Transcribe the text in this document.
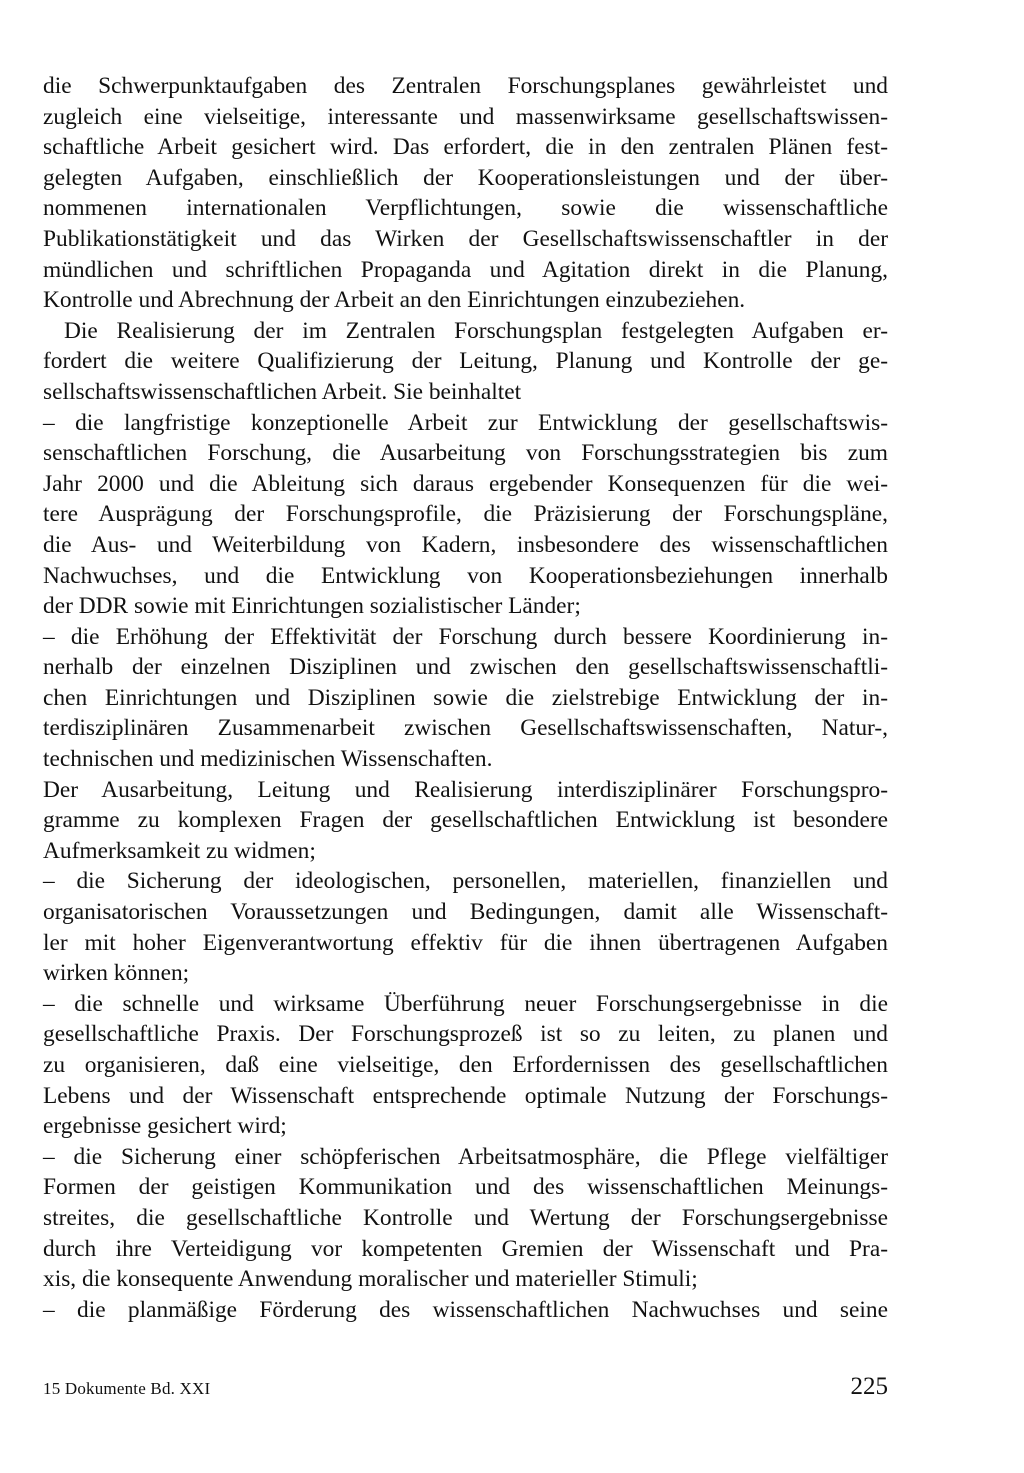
die Schwerpunktaufgaben des Zentralen Forschungsplanes gewährleistet und
zugleich eine vielseitige, interessante und massenwirksame gesellschaftswissen-
schaftliche Arbeit gesichert wird. Das erfordert, die in den zentralen Plänen fest-
gelegten Aufgaben, einschließlich der Kooperationsleistungen und der über-
nommenen internationalen Verpflichtungen, sowie die wissenschaftliche
Publikationstätigkeit und das Wirken der Gesellschaftswissenschaftler in der
mündlichen und schriftlichen Propaganda und Agitation direkt in die Planung,
Kontrolle und Abrechnung der Arbeit an den Einrichtungen einzubeziehen.
Die Realisierung der im Zentralen Forschungsplan festgelegten Aufgaben er-
fordert die weitere Qualifizierung der Leitung, Planung und Kontrolle der ge-
sellschaftswissenschaftlichen Arbeit. Sie beinhaltet
– die langfristige konzeptionelle Arbeit zur Entwicklung der gesellschaftswis-
senschaftlichen Forschung, die Ausarbeitung von Forschungsstrategien bis zum
Jahr 2000 und die Ableitung sich daraus ergebender Konsequenzen für die wei-
tere Ausprägung der Forschungsprofile, die Präzisierung der Forschungspläne,
die Aus- und Weiterbildung von Kadern, insbesondere des wissenschaftlichen
Nachwuchses, und die Entwicklung von Kooperationsbeziehungen innerhalb
der DDR sowie mit Einrichtungen sozialistischer Länder;
– die Erhöhung der Effektivität der Forschung durch bessere Koordinierung in-
nerhalb der einzelnen Disziplinen und zwischen den gesellschaftswissenschaftli-
chen Einrichtungen und Disziplinen sowie die zielstrebige Entwicklung der in-
terdisziplinären Zusammenarbeit zwischen Gesellschaftswissenschaften, Natur-,
technischen und medizinischen Wissenschaften.
Der Ausarbeitung, Leitung und Realisierung interdisziplinärer Forschungspro-
gramme zu komplexen Fragen der gesellschaftlichen Entwicklung ist besondere
Aufmerksamkeit zu widmen;
– die Sicherung der ideologischen, personellen, materiellen, finanziellen und
organisatorischen Voraussetzungen und Bedingungen, damit alle Wissenschaft-
ler mit hoher Eigenverantwortung effektiv für die ihnen übertragenen Aufgaben
wirken können;
– die schnelle und wirksame Überführung neuer Forschungsergebnisse in die
gesellschaftliche Praxis. Der Forschungsprozeß ist so zu leiten, zu planen und
zu organisieren, daß eine vielseitige, den Erfordernissen des gesellschaftlichen
Lebens und der Wissenschaft entsprechende optimale Nutzung der Forschungs-
ergebnisse gesichert wird;
– die Sicherung einer schöpferischen Arbeitsatmosphäre, die Pflege vielfältiger
Formen der geistigen Kommunikation und des wissenschaftlichen Meinungs-
streites, die gesellschaftliche Kontrolle und Wertung der Forschungsergebnisse
durch ihre Verteidigung vor kompetenten Gremien der Wissenschaft und Pra-
xis, die konsequente Anwendung moralischer und materieller Stimuli;
– die planmäßige Förderung des wissenschaftlichen Nachwuchses und seine
15 Dokumente Bd. XXI	225
